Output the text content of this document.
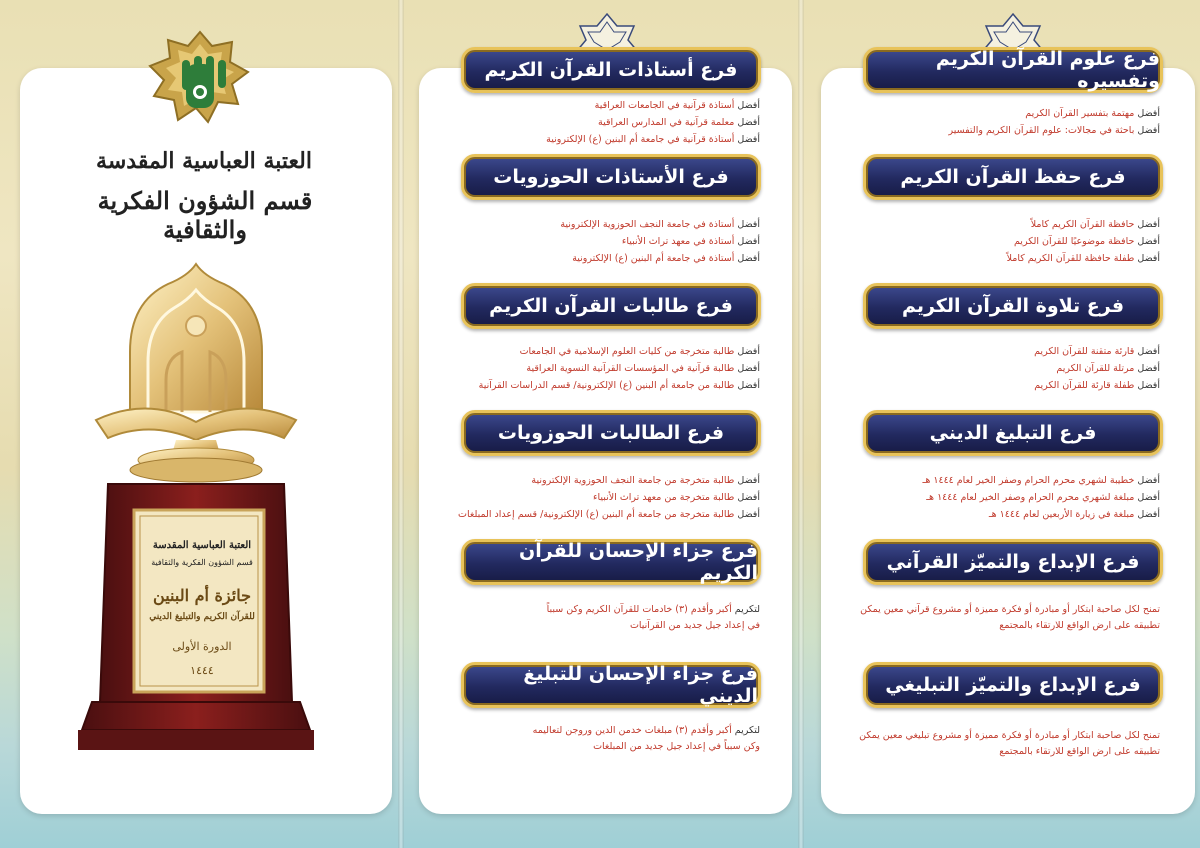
العتبة العباسية المقدسة
قسم الشؤون الفكرية والثقافية
العتبة العباسية المقدسة
قسم الشؤون الفكرية والثقافية
جائزة أم البنين
للقرآن الكريم والتبليغ الديني
الدورة الأولى
١٤٤٤
فرع أستاذات القرآن الكريم
أفضل أستاذة قرآنية في الجامعات العراقية
أفضل معلمة قرآنية في المدارس العراقية
أفضل أستاذة قرآنية في جامعة أم البنين (ع) الإلكترونية
فرع الأستاذات الحوزويات
أفضل أستاذة في جامعة النجف الحوزوية الإلكترونية
أفضل أستاذة في معهد تراث الأنبياء
أفضل أستاذة في جامعة أم البنين (ع) الإلكترونية
فرع طالبات القرآن الكريم
أفضل طالبة متخرجة من كليات العلوم الإسلامية في الجامعات
أفضل طالبة قرآنية في المؤسسات القرآنية النسوية العراقية
أفضل طالبة من جامعة أم البنين (ع) الإلكترونية/ قسم الدراسات القرآنية
فرع الطالبات الحوزويات
أفضل طالبة متخرجة من جامعة النجف الحوزوية الإلكترونية
أفضل طالبة متخرجة من معهد تراث الأنبياء
أفضل طالبة متخرجة من جامعة أم البنين (ع) الإلكترونية/ قسم إعداد المبلغات
فرع جزاء الإحسان للقرآن الكريم
لتكريم أكبر وأقدم (٣) خادمات للقرآن الكريم وكن سبباً
في إعداد جيل جديد من القرآنيات
فرع جزاء الإحسان للتبليغ الديني
لتكريم أكبر وأقدم (٣) مبلغات خدمن الدين وروجن لتعاليمه
وكن سبباً في إعداد جيل جديد من المبلغات
فرع علوم القرآن الكريم وتفسيره
أفضل مهتمة بتفسير القرآن الكريم
أفضل باحثة في مجالات: علوم القرآن الكريم والتفسير
فرع حفظ القرآن الكريم
أفضل حافظة القرآن الكريم كاملاً
أفضل حافظة موضوعيًا للقرآن الكريم
أفضل طفلة حافظة للقرآن الكريم كاملاً
فرع تلاوة القرآن الكريم
أفضل قارئة متقنة للقرآن الكريم
أفضل مرتلة للقرآن الكريم
أفضل طفلة قارئة للقرآن الكريم
فرع التبليغ الديني
أفضل خطيبة لشهري محرم الحرام وصفر الخير لعام ١٤٤٤ هـ
أفضل مبلغة لشهري محرم الحرام وصفر الخير لعام ١٤٤٤ هـ
أفضل مبلغة في زيارة الأربعين لعام ١٤٤٤ هـ
فرع الإبداع والتميّز القرآني
تمنح لكل صاحبة ابتكار أو مبادرة أو فكرة مميزة أو مشروع قرآني معين يمكن
تطبيقه على ارض الواقع للارتقاء بالمجتمع
فرع الإبداع والتميّز التبليغي
تمنح لكل صاحبة ابتكار أو مبادرة أو فكرة مميزة أو مشروع تبليغي معين يمكن
تطبيقه على ارض الواقع للارتقاء بالمجتمع
